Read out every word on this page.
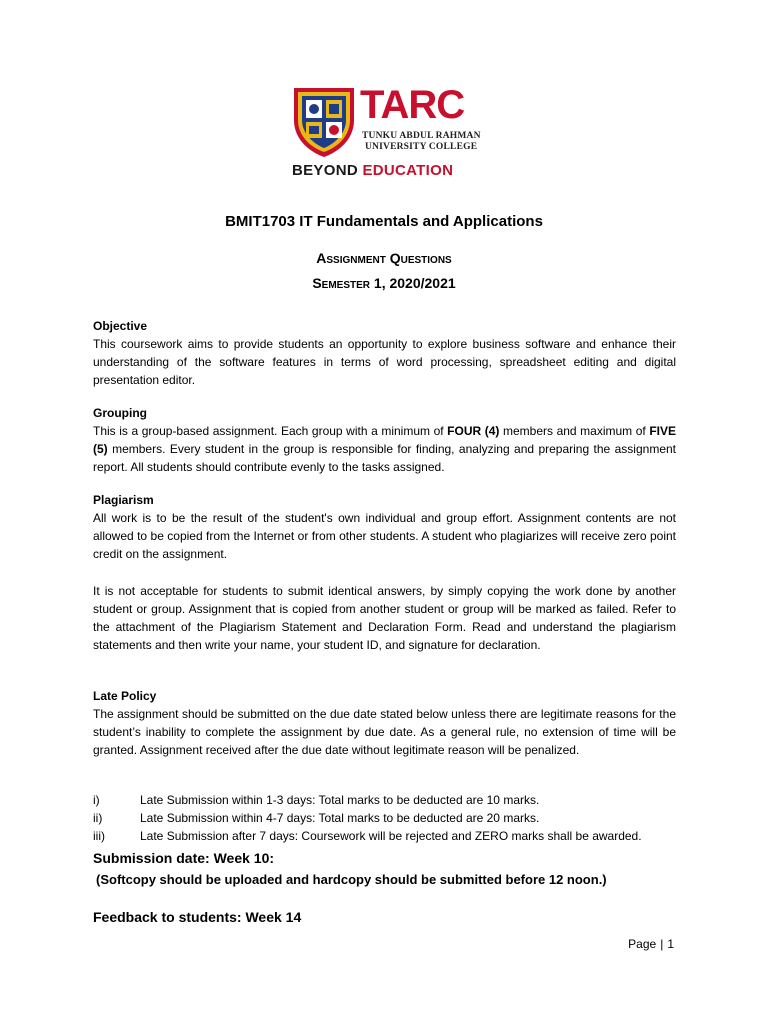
TARC
TUNKU ABDUL RAHMAN
UNIVERSITY COLLEGE
BEYOND EDUCATION
BMIT1703 IT Fundamentals and Applications
Assignment Questions
Semester 1, 2020/2021

Objective

This coursework aims to provide students an opportunity to explore business software and enhance their understanding of the software features in terms of word processing, spreadsheet editing and digital presentation editor.

Grouping

This is a group-based assignment. Each group with a minimum of FOUR (4) members and maximum of FIVE (5) members. Every student in the group is responsible for finding, analyzing and preparing the assignment report. All students should contribute evenly to the tasks assigned.

Plagiarism

All work is to be the result of the student's own individual and group effort. Assignment contents are not allowed to be copied from the Internet or from other students. A student who plagiarizes will receive zero point credit on the assignment.

It is not acceptable for students to submit identical answers, by simply copying the work done by another student or group. Assignment that is copied from another student or group will be marked as failed. Refer to the attachment of the Plagiarism Statement and Declaration Form. Read and understand the plagiarism statements and then write your name, your student ID, and signature for declaration.

Late Policy

The assignment should be submitted on the due date stated below unless there are legitimate reasons for the student’s inability to complete the assignment by due date. As a general rule, no extension of time will be granted. Assignment received after the due date without legitimate reason will be penalized.

i)	Late Submission within 1-3 days: Total marks to be deducted are 10 marks.
ii)	Late Submission within 4-7 days: Total marks to be deducted are 20 marks.
iii)	Late Submission after 7 days: Coursework will be rejected and ZERO marks shall be awarded.
Submission date: Week 10:
(Softcopy should be uploaded and hardcopy should be submitted before 12 noon.)
Feedback to students: Week 14
Page | 1
